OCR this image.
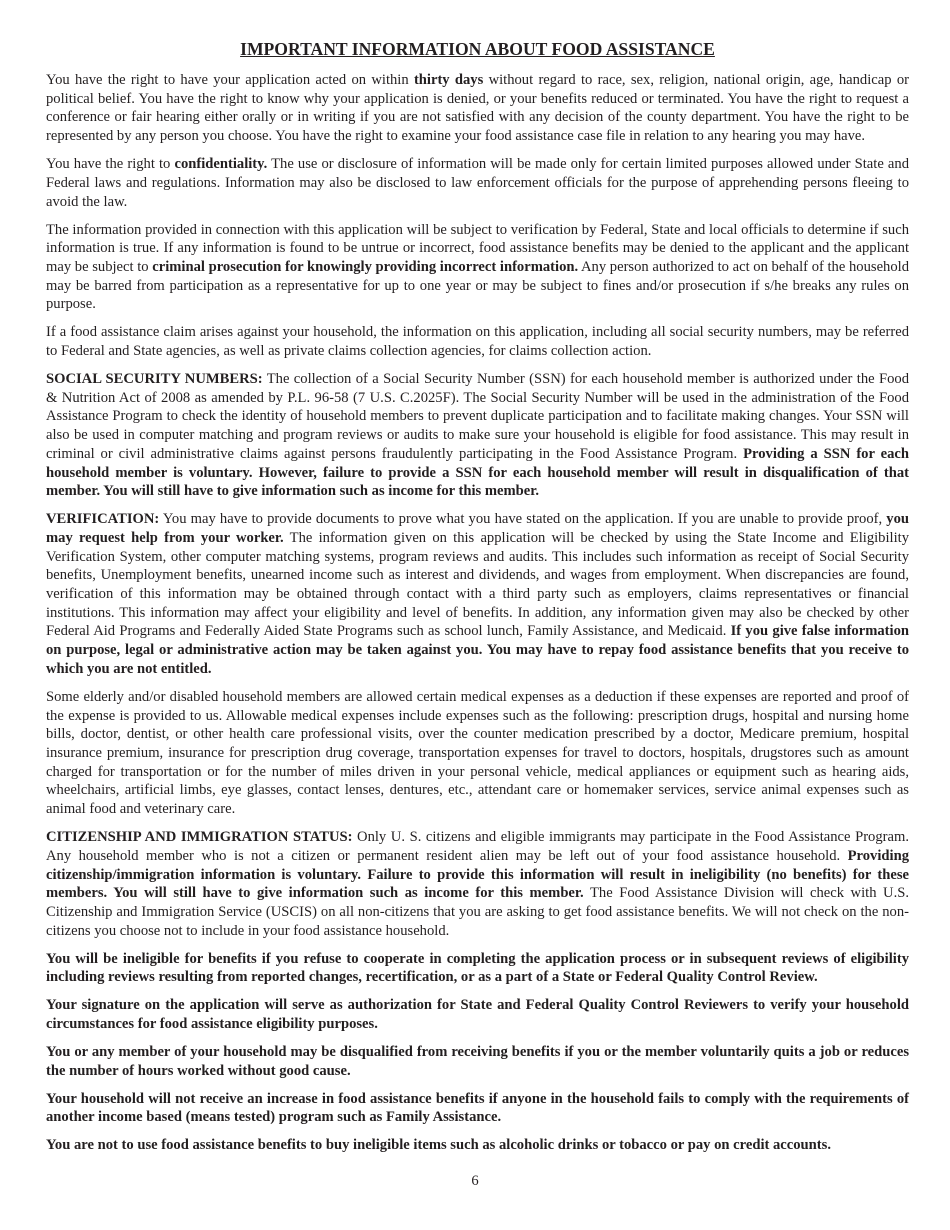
IMPORTANT INFORMATION ABOUT FOOD ASSISTANCE

You have the right to have your application acted on within thirty days without regard to race, sex, religion, national origin, age, handicap or political belief. You have the right to know why your application is denied, or your benefits reduced or terminated. You have the right to request a conference or fair hearing either orally or in writing if you are not satisfied with any decision of the county department. You have the right to be represented by any person you choose. You have the right to examine your food assistance case file in relation to any hearing you may have.

You have the right to confidentiality. The use or disclosure of information will be made only for certain limited purposes allowed under State and Federal laws and regulations. Information may also be disclosed to law enforcement officials for the purpose of apprehending persons fleeing to avoid the law.

The information provided in connection with this application will be subject to verification by Federal, State and local officials to determine if such information is true. If any information is found to be untrue or incorrect, food assistance benefits may be denied to the applicant and the applicant may be subject to criminal prosecution for knowingly providing incorrect information. Any person authorized to act on behalf of the household may be barred from participation as a representative for up to one year or may be subject to fines and/or prosecution if s/he breaks any rules on purpose.

If a food assistance claim arises against your household, the information on this application, including all social security numbers, may be referred to Federal and State agencies, as well as private claims collection agencies, for claims collection action.

SOCIAL SECURITY NUMBERS: The collection of a Social Security Number (SSN) for each household member is authorized under the Food & Nutrition Act of 2008 as amended by P.L. 96-58 (7 U.S. C.2025F). The Social Security Number will be used in the administration of the Food Assistance Program to check the identity of household members to prevent duplicate participation and to facilitate making changes. Your SSN will also be used in computer matching and program reviews or audits to make sure your household is eligible for food assistance. This may result in criminal or civil administrative claims against persons fraudulently participating in the Food Assistance Program. Providing a SSN for each household member is voluntary. However, failure to provide a SSN for each household member will result in disqualification of that member. You will still have to give information such as income for this member.

VERIFICATION: You may have to provide documents to prove what you have stated on the application. If you are unable to provide proof, you may request help from your worker. The information given on this application will be checked by using the State Income and Eligibility Verification System, other computer matching systems, program reviews and audits. This includes such information as receipt of Social Security benefits, Unemployment benefits, unearned income such as interest and dividends, and wages from employment. When discrepancies are found, verification of this information may be obtained through contact with a third party such as employers, claims representatives or financial institutions. This information may affect your eligibility and level of benefits. In addition, any information given may also be checked by other Federal Aid Programs and Federally Aided State Programs such as school lunch, Family Assistance, and Medicaid. If you give false information on purpose, legal or administrative action may be taken against you. You may have to repay food assistance benefits that you receive to which you are not entitled.

Some elderly and/or disabled household members are allowed certain medical expenses as a deduction if these expenses are reported and proof of the expense is provided to us. Allowable medical expenses include expenses such as the following: prescription drugs, hospital and nursing home bills, doctor, dentist, or other health care professional visits, over the counter medication prescribed by a doctor, Medicare premium, hospital insurance premium, insurance for prescription drug coverage, transportation expenses for travel to doctors, hospitals, drugstores such as amount charged for transportation or for the number of miles driven in your personal vehicle, medical appliances or equipment such as hearing aids, wheelchairs, artificial limbs, eye glasses, contact lenses, dentures, etc., attendant care or homemaker services, service animal expenses such as animal food and veterinary care.

CITIZENSHIP AND IMMIGRATION STATUS: Only U. S. citizens and eligible immigrants may participate in the Food Assistance Program. Any household member who is not a citizen or permanent resident alien may be left out of your food assistance household. Providing citizenship/immigration information is voluntary. Failure to provide this information will result in ineligibility (no benefits) for these members. You will still have to give information such as income for this member. The Food Assistance Division will check with U.S. Citizenship and Immigration Service (USCIS) on all non-citizens that you are asking to get food assistance benefits. We will not check on the non-citizens you choose not to include in your food assistance household.

You will be ineligible for benefits if you refuse to cooperate in completing the application process or in subsequent reviews of eligibility including reviews resulting from reported changes, recertification, or as a part of a State or Federal Quality Control Review.

Your signature on the application will serve as authorization for State and Federal Quality Control Reviewers to verify your household circumstances for food assistance eligibility purposes.

You or any member of your household may be disqualified from receiving benefits if you or the member voluntarily quits a job or reduces the number of hours worked without good cause.

Your household will not receive an increase in food assistance benefits if anyone in the household fails to comply with the requirements of another income based (means tested) program such as Family Assistance.

You are not to use food assistance benefits to buy ineligible items such as alcoholic drinks or tobacco or pay on credit accounts.

6
